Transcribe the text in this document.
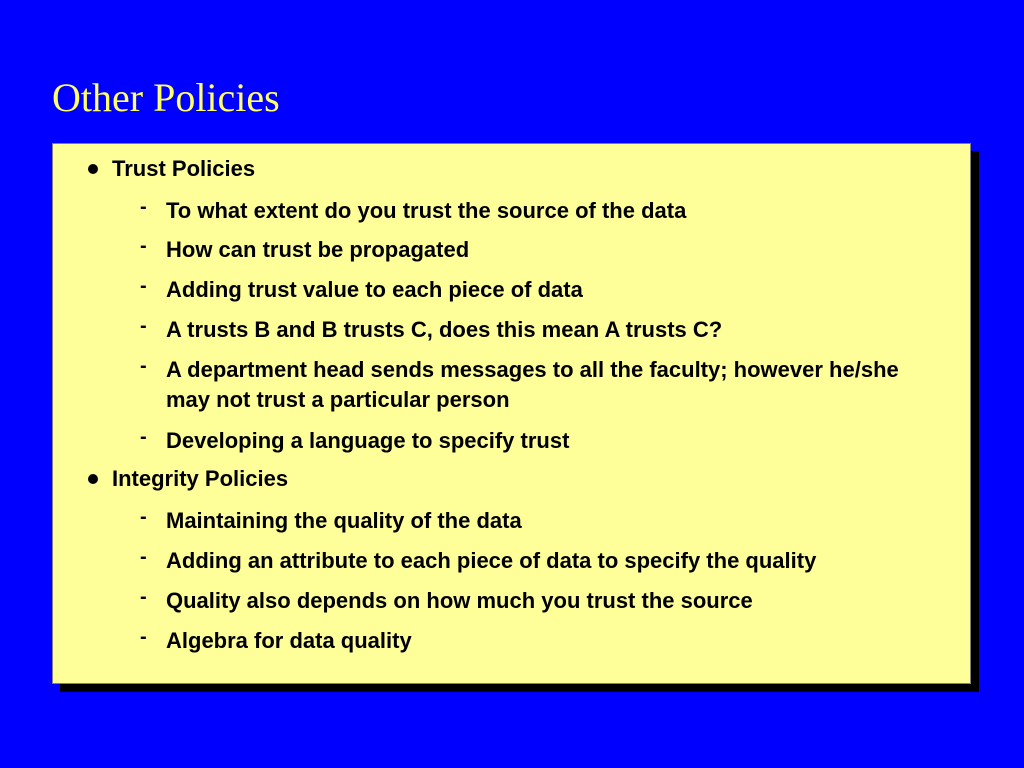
Other Policies
Trust Policies
- To what extent do you trust the source of the data
- How can trust be propagated
- Adding trust value to each piece of data
- A trusts B and B trusts C, does this mean A trusts C?
- A department head sends messages to all the faculty; however he/she may not trust a particular person
- Developing a language to specify trust
Integrity Policies
- Maintaining the quality of the data
- Adding an attribute to each piece of data to specify the quality
- Quality also depends on how much you trust the source
- Algebra for data quality
